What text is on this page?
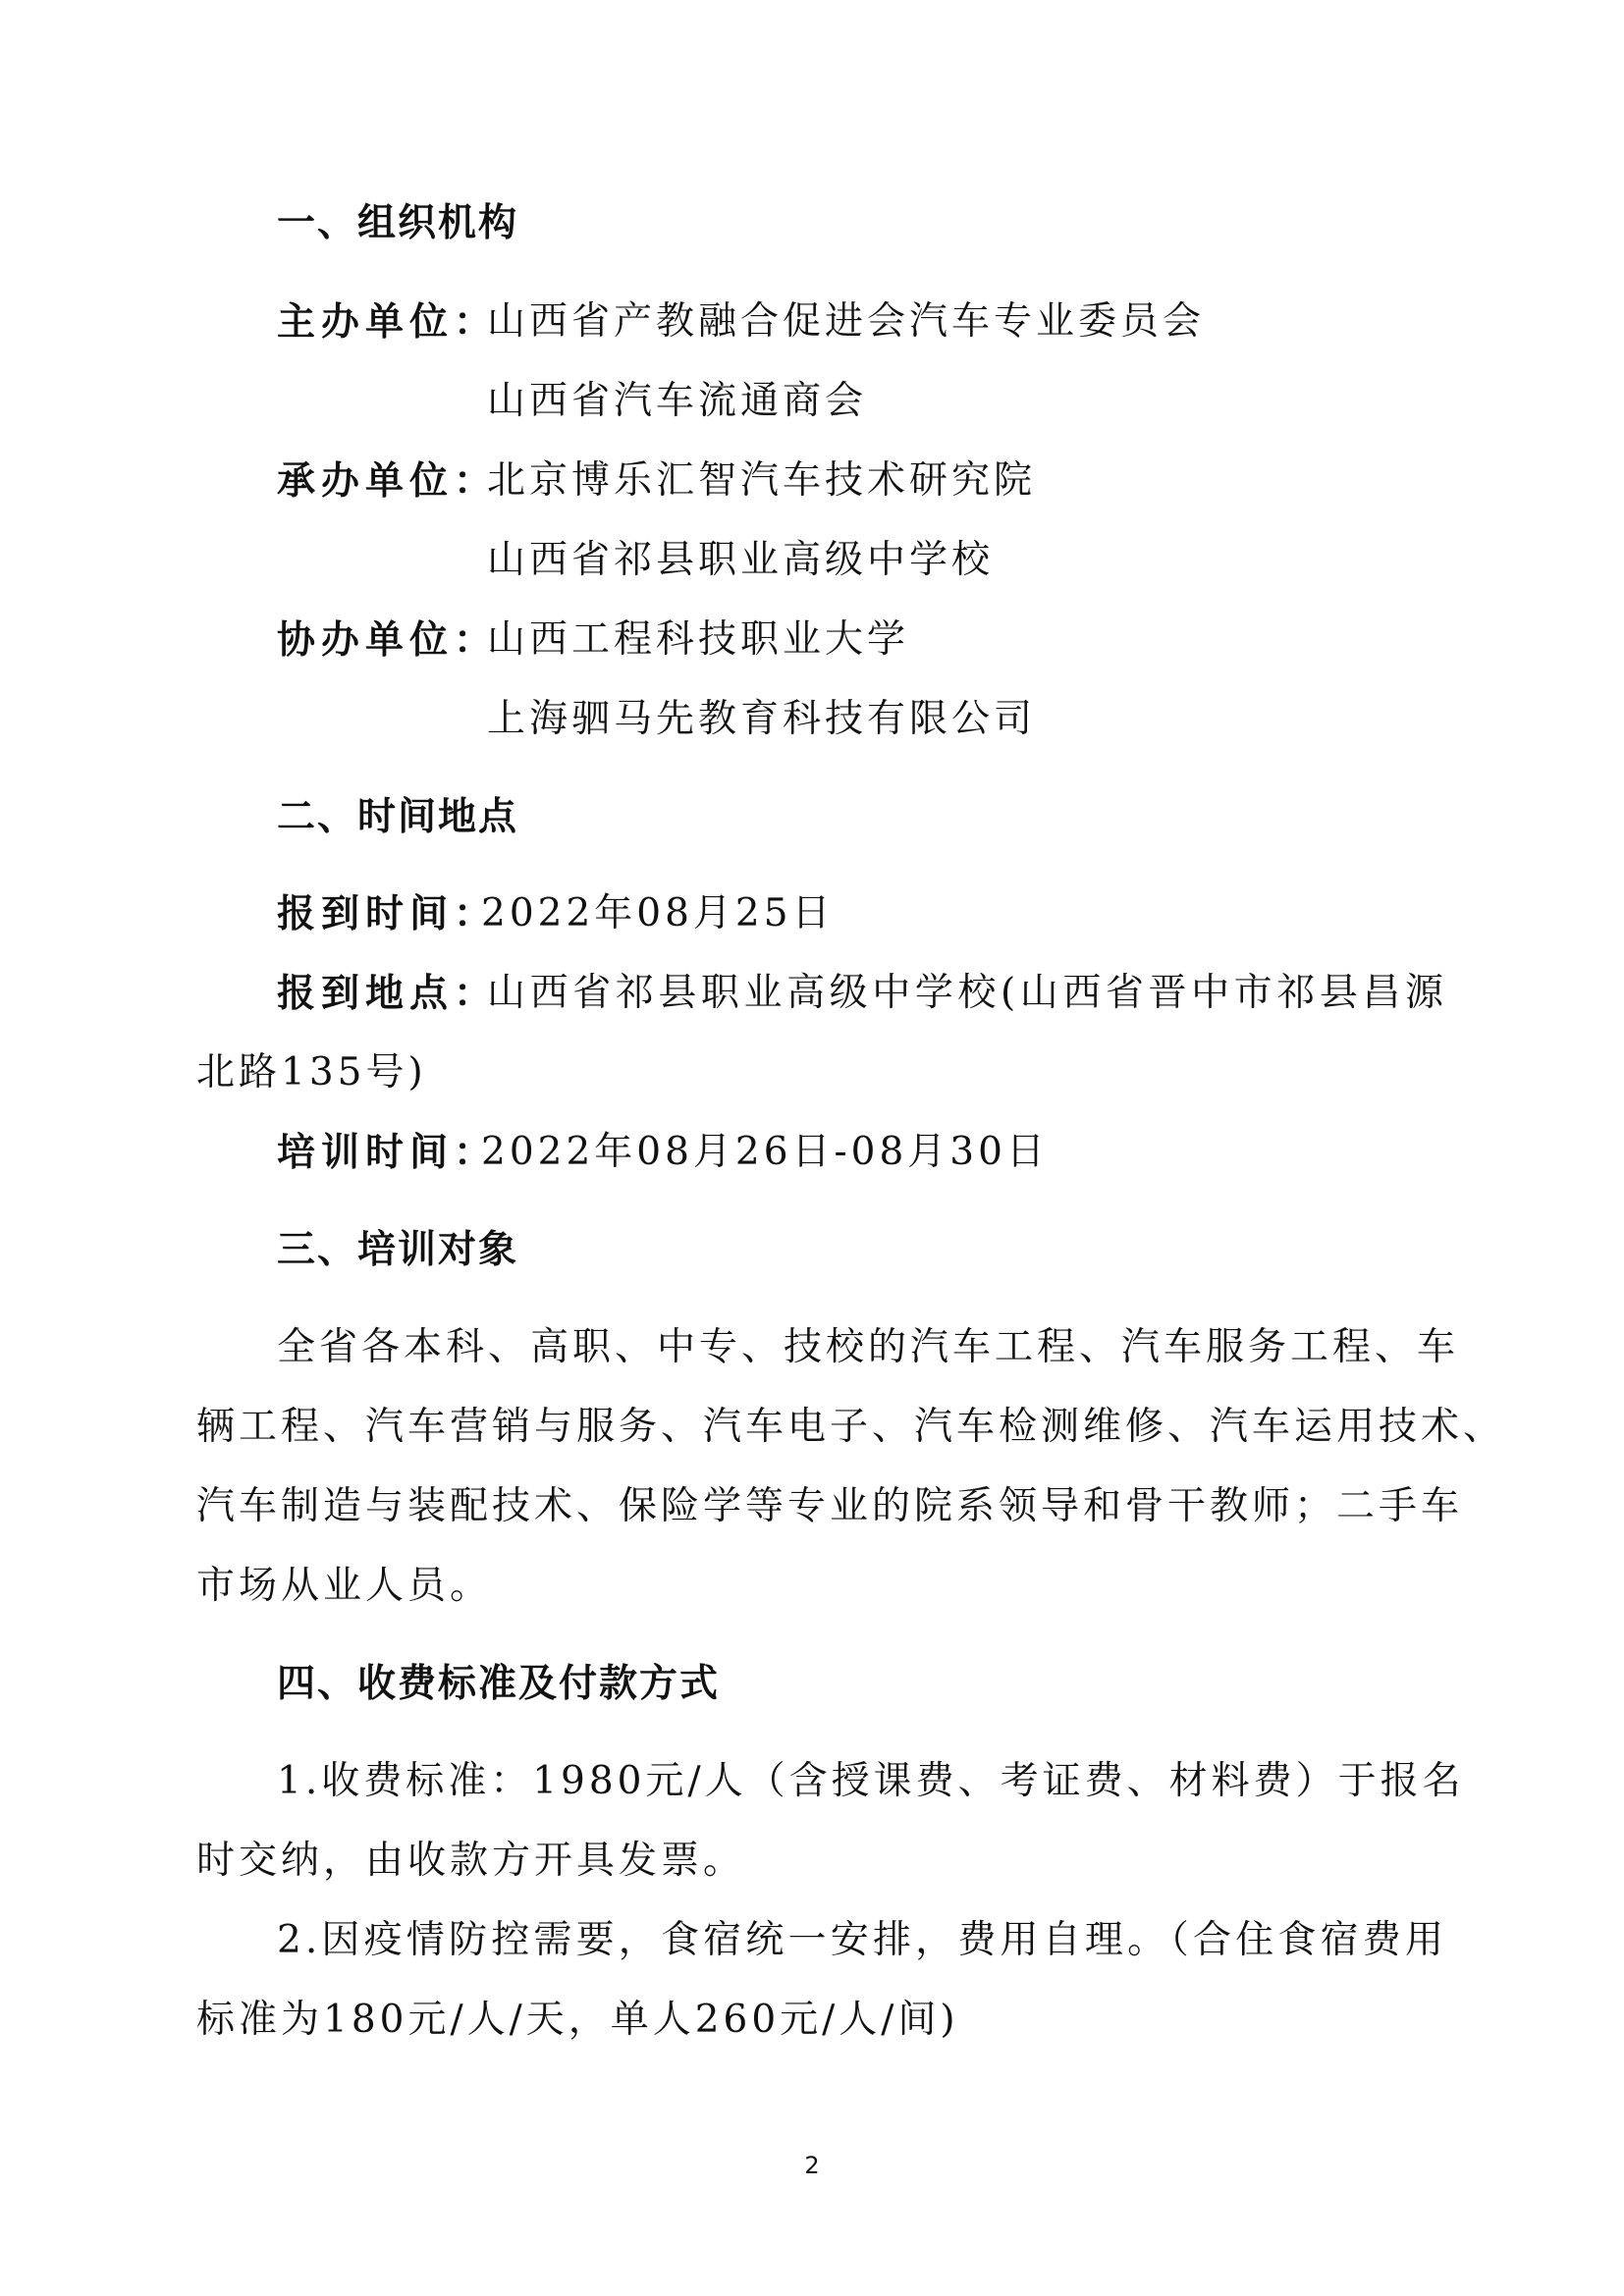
一、组织机构
主办单位：
山西省产教融合促进会汽车专业委员会
山西省汽车流通商会
承办单位：
北京博乐汇智汽车技术研究院
山西省祁县职业高级中学校
协办单位：
山西工程科技职业大学
上海驷马先教育科技有限公司
二、时间地点
报到时间：
2022年08月25日
报到地点：
山西省祁县职业高级中学校(山西省晋中市祁县昌源
北路135号)
培训时间：
2022年08月26日-08月30日
三、培训对象
全省各本科、高职、中专、技校的汽车工程、汽车服务工程、车
辆工程、汽车营销与服务、汽车电子、汽车检测维修、汽车运用技术、
汽车制造与装配技术、保险学等专业的院系领导和骨干教师；二手车
市场从业人员。
四、收费标准及付款方式
1.收费标准：1980元/人（含授课费、考证费、材料费）于报名
时交纳，由收款方开具发票。
2.因疫情防控需要，食宿统一安排，费用自理。（合住食宿费用
标准为180元/人/天，单人260元/人/间)
2
